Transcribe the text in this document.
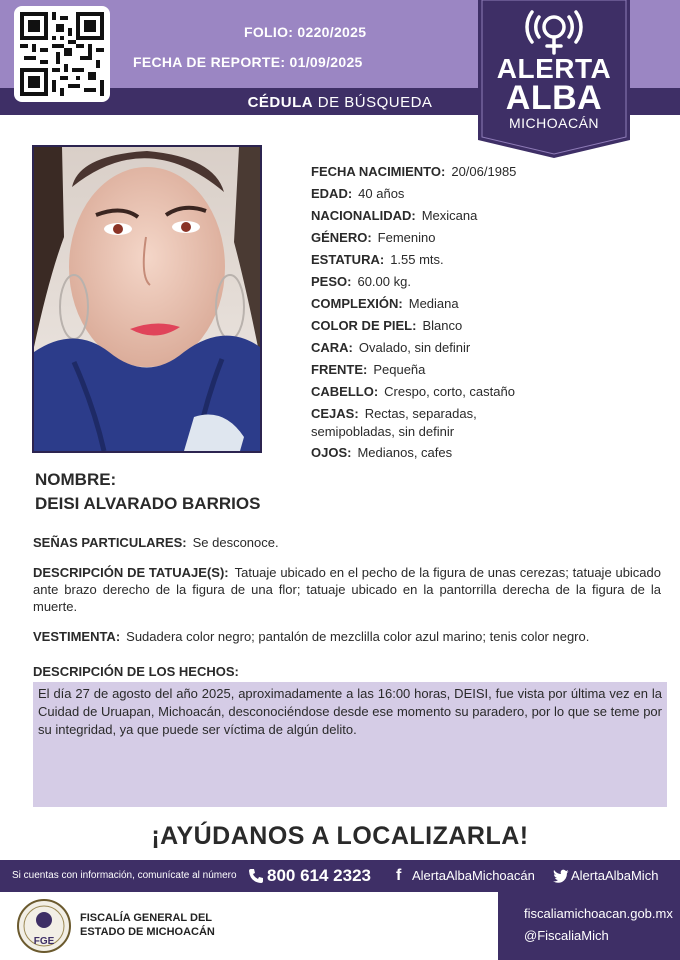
CÉDULA DE BÚSQUEDA
FOLIO: 0220/2025
FECHA DE REPORTE: 01/09/2025	ALERTA
ALBA
MICHOACÁN
FECHA NACIMIENTO: 20/06/1985
EDAD: 40 años
NACIONALIDAD: Mexicana
GÉNERO: Femenino
ESTATURA: 1.55 mts.
PESO: 60.00 kg.
COMPLEXIÓN: Mediana
COLOR DE PIEL: Blanco
CARA: Ovalado, sin definir
FRENTE: Pequeña
CABELLO: Crespo, corto, castaño
CEJAS: Rectas, separadas,
semipobladas, sin definir
OJOS: Medianos, cafes
NOMBRE:
DEISI ALVARADO BARRIOS
SEÑAS PARTICULARES: Se desconoce.
DESCRIPCIÓN DE TATUAJE(S): Tatuaje ubicado en el pecho de la figura de unas cerezas; tatuaje ubicado ante brazo derecho de la figura de una flor; tatuaje ubicado en la pantorrilla derecha de la figura de la muerte.
VESTIMENTA: Sudadera color negro; pantalón de mezclilla color azul marino; tenis color negro.
DESCRIPCIÓN DE LOS HECHOS:
El día 27 de agosto del año 2025, aproximadamente a las 16:00 horas, DEISI, fue vista por última vez en la Cuidad de Uruapan, Michoacán, desconociéndose desde ese momento su paradero, por lo que se teme por su integridad, ya que puede ser víctima de algún delito.
¡AYÚDANOS A LOCALIZARLA!
Si cuentas con información, comunícate al número 800 614 2323 f AlertaAlbaMichoacán	AlertaAlbaMich
FGE
FISCALÍA GENERAL DEL
ESTADO DE MICHOACÁN
fiscaliamichoacan.gob.mx
@FiscaliaMich
